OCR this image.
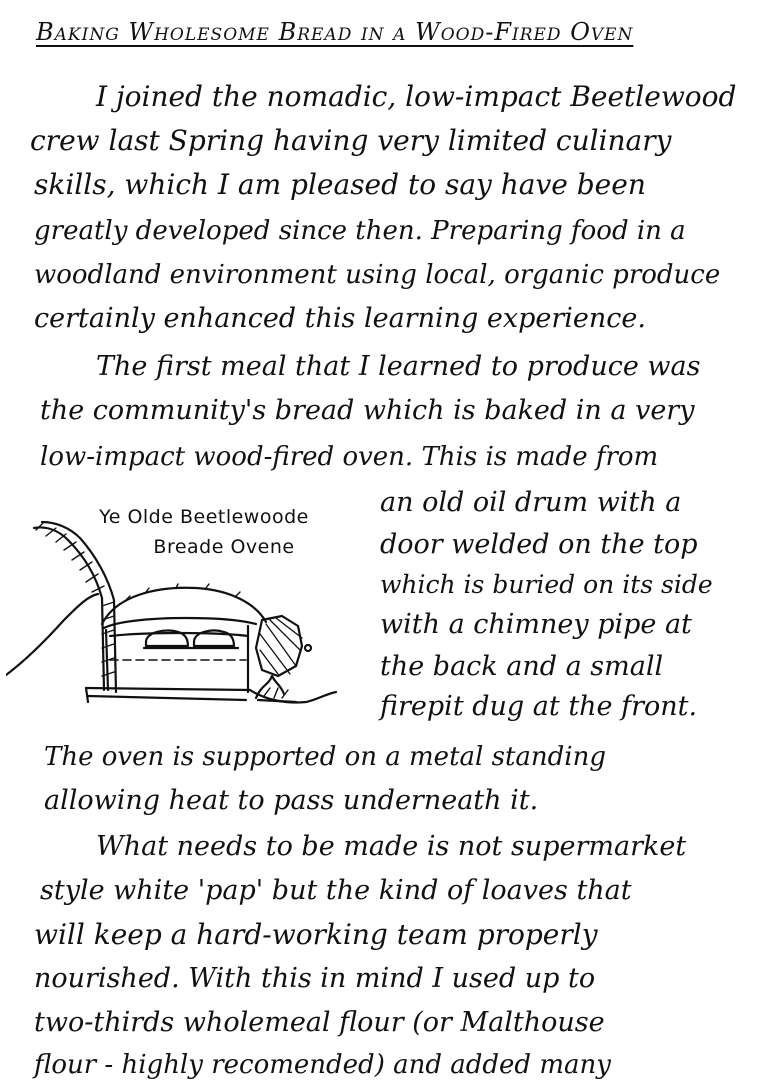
Baking Wholesome Bread in a Wood-Fired Oven
I joined the nomadic, low-impact Beetlewood
crew last Spring having very limited culinary
skills, which I am pleased to say have been
greatly developed since then. Preparing food in a
woodland environment using local, organic produce
certainly enhanced this learning experience.
The first meal that I learned to produce was
the community's bread which is baked in a very
low-impact wood-fired oven. This is made from
an old oil drum with a
door welded on the top
which is buried on its side
with a chimney pipe at
the back and a small
firepit dug at the front.
The oven is supported on a metal standing
allowing heat to pass underneath it.
What needs to be made is not supermarket
style white 'pap' but the kind of loaves that
will keep a hard-working team properly
nourished. With this in mind I used up to
two-thirds wholemeal flour (or Malthouse
flour - highly recomended) and added many
Ye Olde Beetlewoode
Breade Ovene
